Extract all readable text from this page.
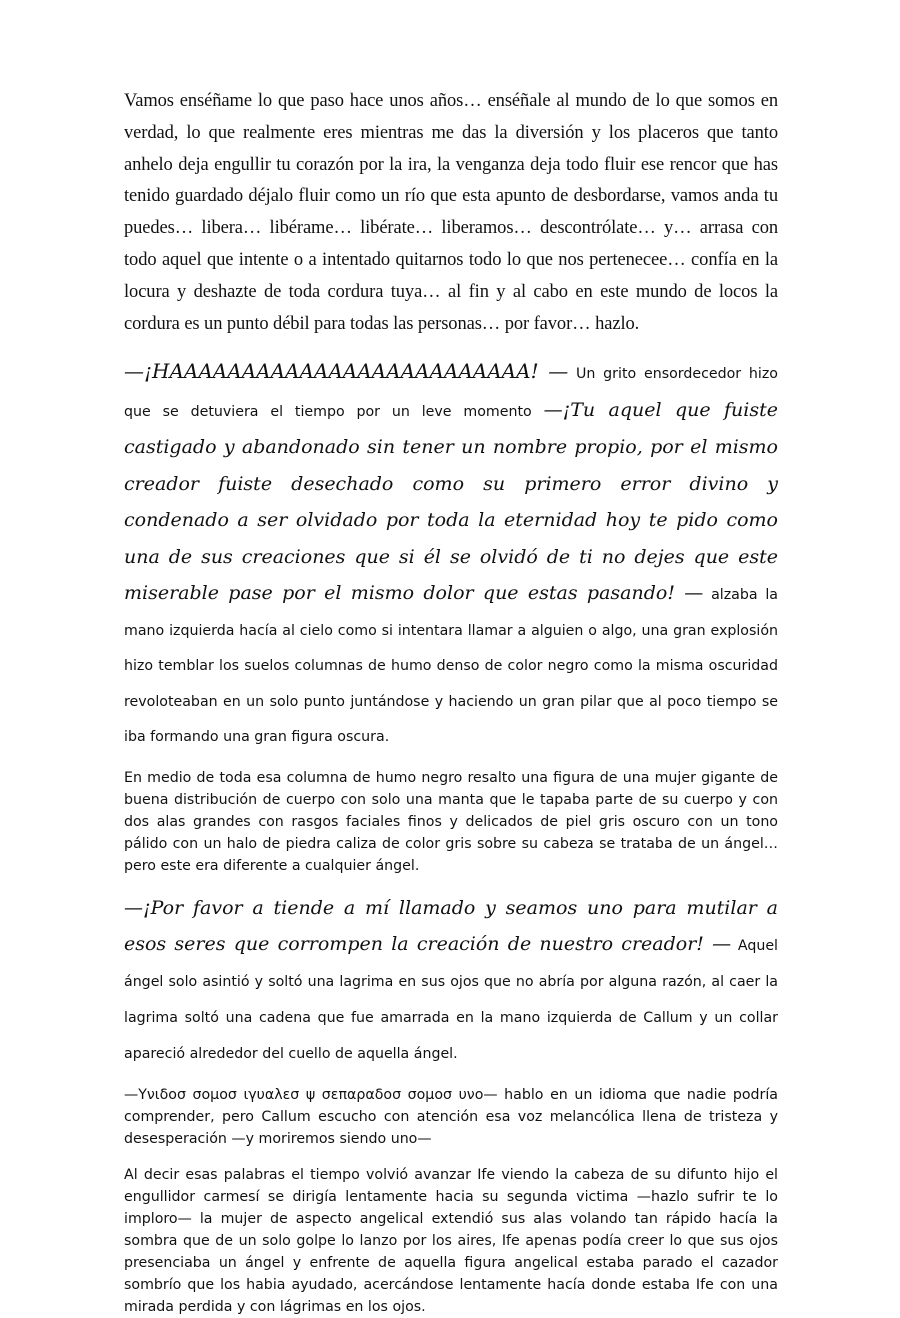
Vamos enséñame lo que paso hace unos años… enséñale al mundo de lo que somos en verdad, lo que realmente eres mientras me das la diversión y los placeros que tanto anhelo deja engullir tu corazón por la ira, la venganza deja todo fluir ese rencor que has tenido guardado déjalo fluir como un río que esta apunto de desbordarse, vamos anda tu puedes… libera… libérame… libérate… liberamos… descontrólate… y… arrasa con todo aquel que intente o a intentado quitarnos todo lo que nos pertenecee… confía en la locura y deshazte de toda cordura tuya… al fin y al cabo en este mundo de locos la cordura es un punto débil para todas las personas… por favor… hazlo.

—¡HAAAAAAAAAAAAAAAAAAAAAAAAA! — Un grito ensordecedor hizo que se detuviera el tiempo por un leve momento —¡Tu aquel que fuiste castigado y abandonado sin tener un nombre propio, por el mismo creador fuiste desechado como su primero error divino y condenado a ser olvidado por toda la eternidad hoy te pido como una de sus creaciones que si él se olvidó de ti no dejes que este miserable pase por el mismo dolor que estas pasando! — alzaba la mano izquierda hacía al cielo como si intentara llamar a alguien o algo, una gran explosión hizo temblar los suelos columnas de humo denso de color negro como la misma oscuridad revoloteaban en un solo punto juntándose y haciendo un gran pilar que al poco tiempo se iba formando una gran figura oscura.

En medio de toda esa columna de humo negro resalto una figura de una mujer gigante de buena distribución de cuerpo con solo una manta que le tapaba parte de su cuerpo y con dos alas grandes con rasgos faciales finos y delicados de piel gris oscuro con un tono pálido con un halo de piedra caliza de color gris sobre su cabeza se trataba de un ángel… pero este era diferente a cualquier ángel.

—¡Por favor a tiende a mí llamado y seamos uno para mutilar a esos seres que corrompen la creación de nuestro creador! — Aquel ángel solo asintió y soltó una lagrima en sus ojos que no abría por alguna razón, al caer la lagrima soltó una cadena que fue amarrada en la mano izquierda de Callum y un collar apareció alrededor del cuello de aquella ángel.

—Υνιδοσ σομοσ ιγυαλεσ ψ σεπαραδοσ σομοσ υνο— hablo en un idioma que nadie podría comprender, pero Callum escucho con atención esa voz melancólica llena de tristeza y desesperación —y moriremos siendo uno—

Al decir esas palabras el tiempo volvió avanzar Ife viendo la cabeza de su difunto hijo el engullidor carmesí se dirigía lentamente hacia su segunda victima —hazlo sufrir te lo imploro— la mujer de aspecto angelical extendió sus alas volando tan rápido hacía la sombra que de un solo golpe lo lanzo por los aires, Ife apenas podía creer lo que sus ojos presenciaba un ángel y enfrente de aquella figura angelical estaba parado el cazador sombrío que los habia ayudado, acercándose lentamente hacía donde estaba Ife con una mirada perdida y con lágrimas en los ojos.
